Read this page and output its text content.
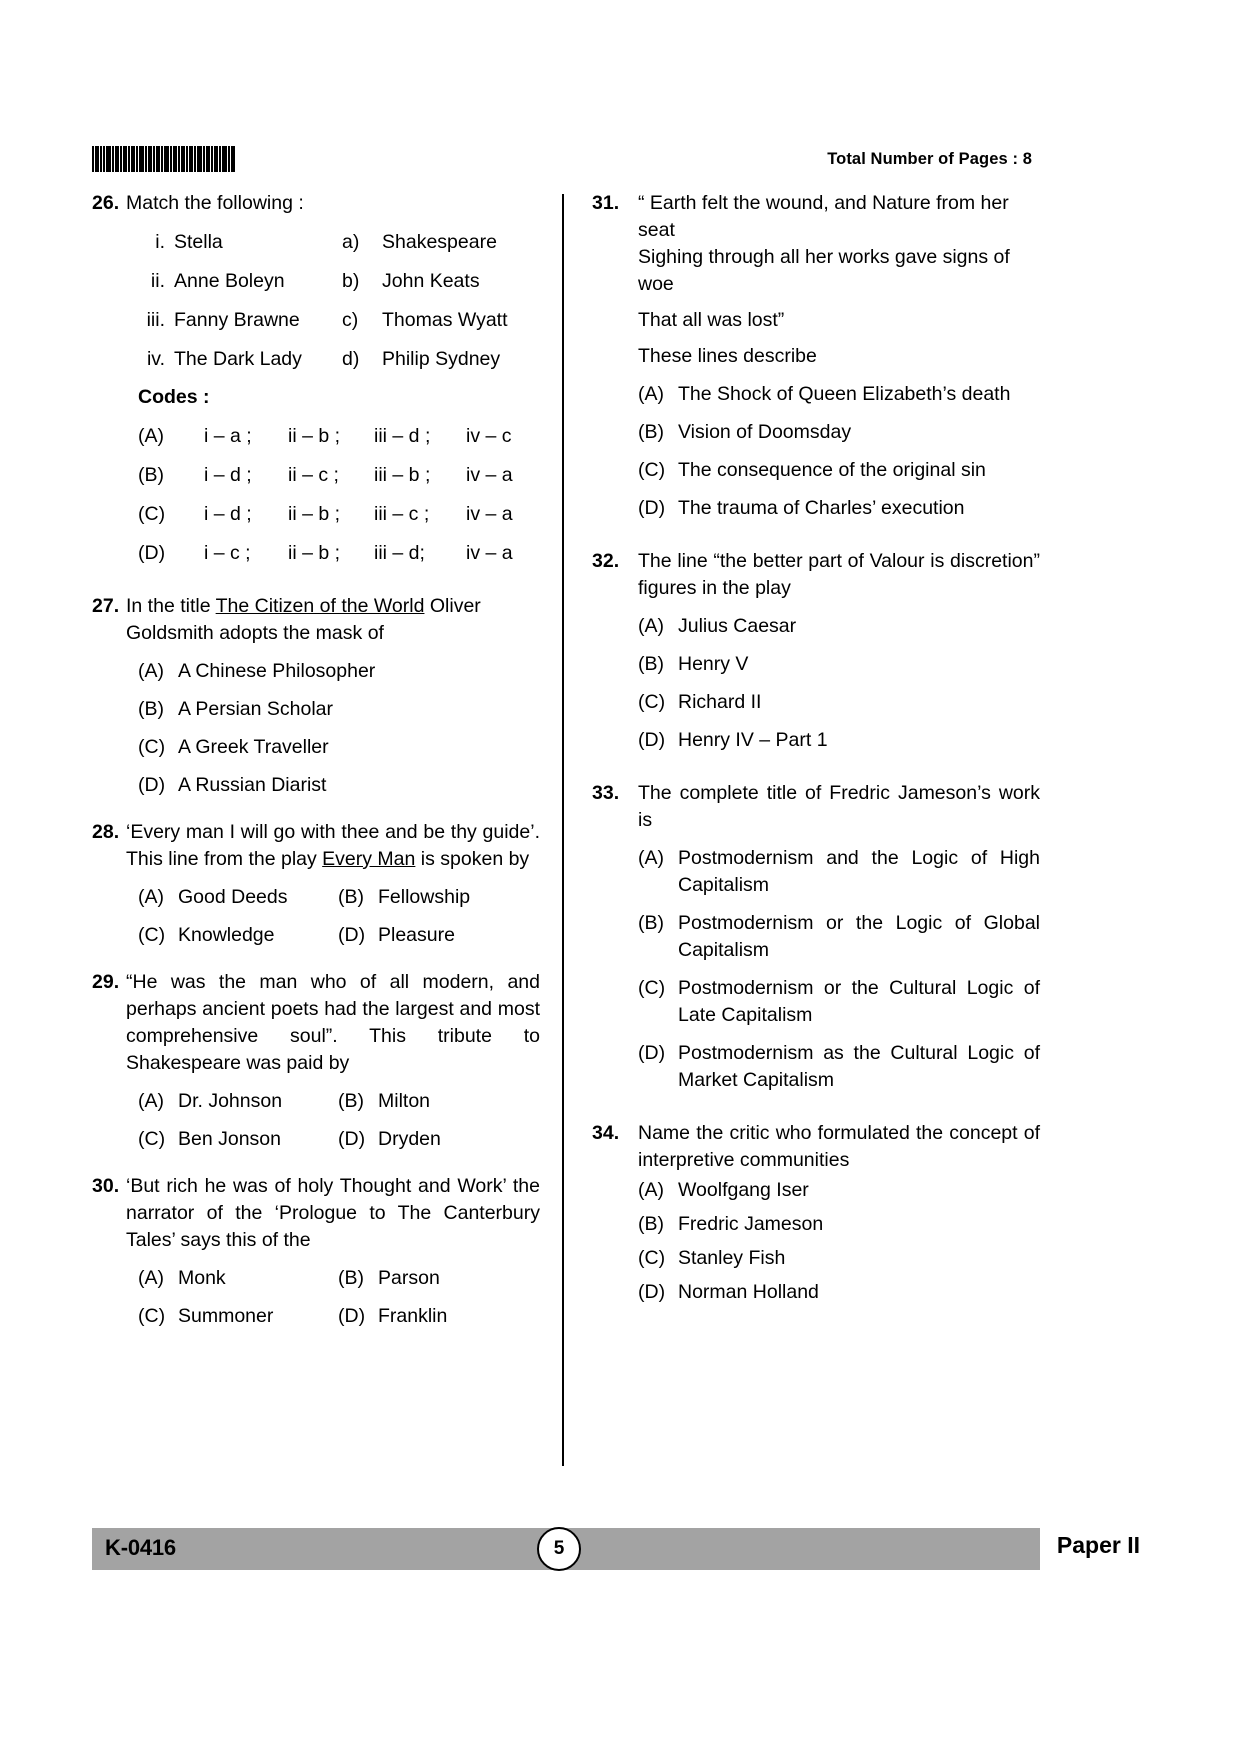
Total Number of Pages : 8
26. Match the following :
i. Stella	a)	Shakespeare
ii. Anne Boleyn	b)	John Keats
iii. Fanny Brawne	c)	Thomas Wyatt
iv. The Dark Lady	d)	Philip Sydney
Codes :
(A)	i – a ;	ii – b ;	iii – d ;	iv – c
(B)	i – d ;	ii – c ;	iii – b ;	iv – a
(C)	i – d ;	ii – b ;	iii – c ;	iv – a
(D)	i – c ;	ii – b ;	iii – d;	iv – a
27. In the title The Citizen of the World Oliver Goldsmith adopts the mask of
(A) A Chinese Philosopher
(B) A Persian Scholar
(C) A Greek Traveller
(D) A Russian Diarist
28. ‘Every man I will go with thee and be thy guide’. This line from the play Every Man is spoken by
(A) Good Deeds	(B) Fellowship
(C) Knowledge	(D) Pleasure
29. “He was the man who of all modern, and perhaps ancient poets had the largest and most comprehensive soul”. This tribute to Shakespeare was paid by
(A) Dr. Johnson	(B) Milton
(C) Ben Jonson	(D) Dryden
30. ‘But rich he was of holy Thought and Work’ the narrator of the ‘Prologue to The Canterbury Tales’ says this of the
(A) Monk	(B) Parson
(C) Summoner	(D) Franklin
31. “ Earth felt the wound, and Nature from her seat
Sighing through all her works gave signs of woe
That all was lost”
These lines describe
(A) The Shock of Queen Elizabeth’s death
(B) Vision of Doomsday
(C) The consequence of the original sin
(D) The trauma of Charles’ execution
32. The line “the better part of Valour is discretion” figures in the play
(A) Julius Caesar
(B) Henry V
(C) Richard II
(D) Henry IV – Part 1
33. The complete title of Fredric Jameson’s work is
(A) Postmodernism and the Logic of High Capitalism
(B) Postmodernism or the Logic of Global Capitalism
(C) Postmodernism or the Cultural Logic of Late Capitalism
(D) Postmodernism as the Cultural Logic of Market Capitalism
34. Name the critic who formulated the concept of interpretive communities
(A) Woolfgang Iser
(B) Fredric Jameson
(C) Stanley Fish
(D) Norman Holland
K-0416	5	Paper II
